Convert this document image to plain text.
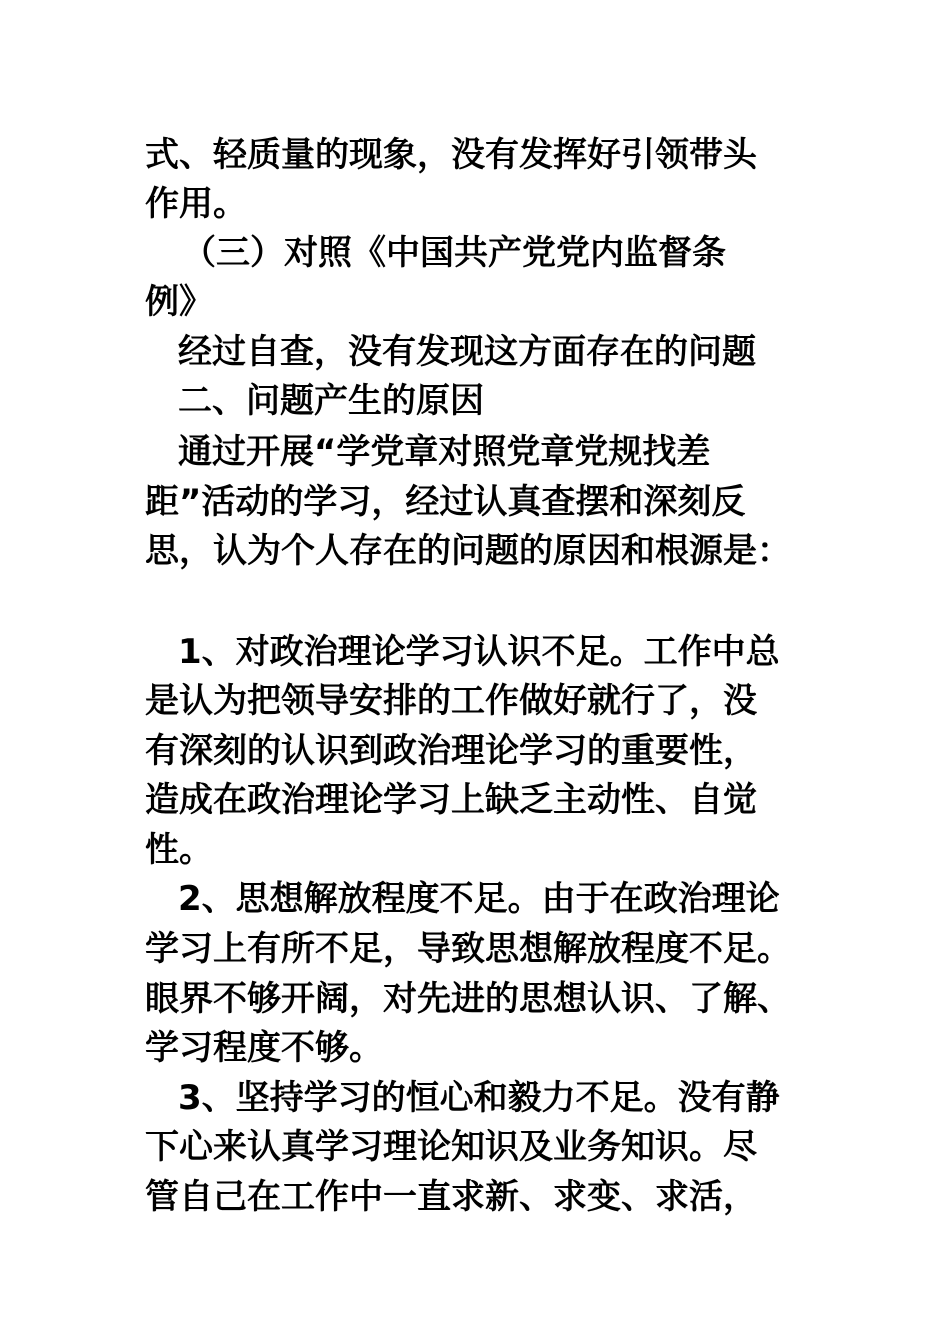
式、轻质量的现象，没有发挥好引领带头
作用。
（三）对照《中国共产党党内监督条
例》
经过自查，没有发现这方面存在的问题
二、问题产生的原因
通过开展“学党章对照党章党规找差
距”活动的学习，经过认真查摆和深刻反
思，认为个人存在的问题的原因和根源是：
1、对政治理论学习认识不足。工作中总
是认为把领导安排的工作做好就行了，没
有深刻的认识到政治理论学习的重要性，
造成在政治理论学习上缺乏主动性、自觉
性。
2、思想解放程度不足。由于在政治理论
学习上有所不足，导致思想解放程度不足。
眼界不够开阔，对先进的思想认识、了解、
学习程度不够。
3、坚持学习的恒心和毅力不足。没有静
下心来认真学习理论知识及业务知识。尽
管自己在工作中一直求新、求变、求活，
